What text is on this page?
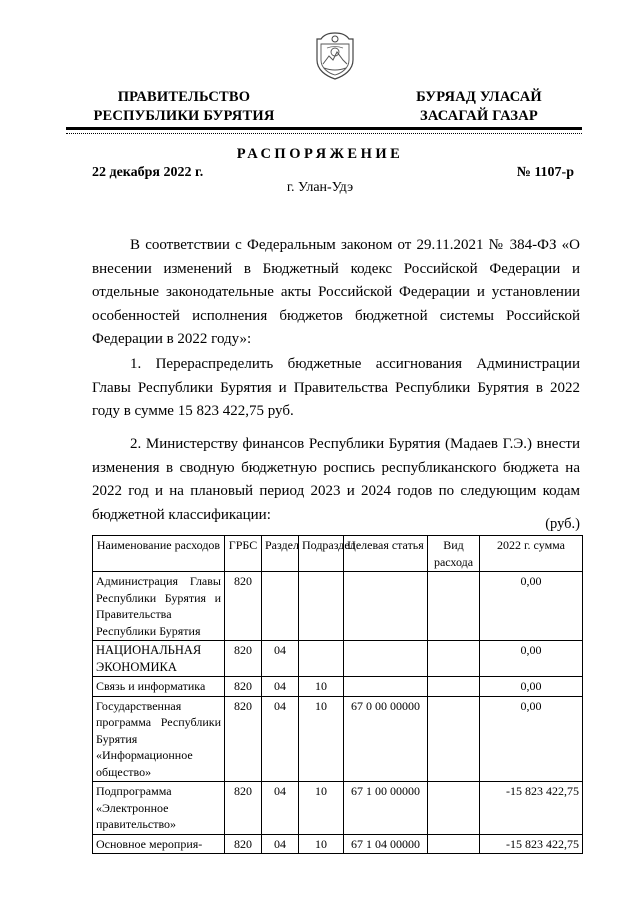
ПРАВИТЕЛЬСТВО
РЕСПУБЛИКИ БУРЯТИЯ
БУРЯАД УЛАСАЙ
ЗАСАГАЙ ГАЗАР
РАСПОРЯЖЕНИЕ
22 декабря 2022 г.	№ 1107-р
г. Улан-Удэ

В соответствии с Федеральным законом от 29.11.2021 № 384-ФЗ «О внесении изменений в Бюджетный кодекс Российской Федерации и отдельные законодательные акты Российской Федерации и установлении особенностей исполнения бюджетов бюджетной системы Российской Федерации в 2022 году»:

1. Перераспределить бюджетные ассигнования Администрации Главы Республики Бурятия и Правительства Республики Бурятия в 2022 году в сумме 15 823 422,75 руб.

2. Министерству финансов Республики Бурятия (Мадаев Г.Э.) внести изменения в сводную бюджетную роспись республиканского бюджета на 2022 год и на плановый период 2023 и 2024 годов по следующим кодам бюджетной классификации:

(руб.)
Наименование расходов	ГРБС	Раздел	Подраздел	Целевая статья	Вид расхода	2022 г. сумма
Администрация Главы Республики Бурятия и Правительства Республики Бурятия	820					0,00
НАЦИОНАЛЬНАЯ ЭКОНОМИКА	820	04				0,00
Связь и информатика	820	04	10			0,00
Государственная программа Республики Бурятия «Информационное общество»	820	04	10	67 0 00 00000		0,00
Подпрограмма «Электронное правительство»	820	04	10	67 1 00 00000		-15 823 422,75
Основное мероприя-	820	04	10	67 1 04 00000		-15 823 422,75
